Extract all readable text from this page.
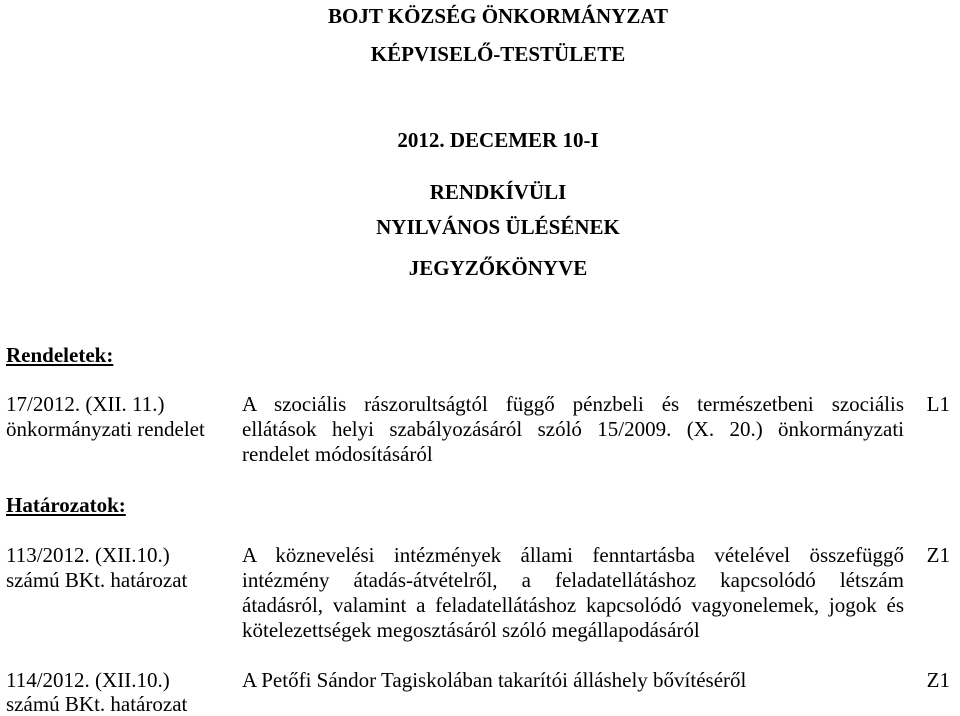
BOJT KÖZSÉG ÖNKORMÁNYZAT
KÉPVISELŐ-TESTÜLETE
2012. DECEMER 10-I
RENDKÍVÜLI
NYILVÁNOS ÜLÉSÉNEK
JEGYZŐKÖNYVE
Rendeletek:
17/2012. (XII. 11.)
önkormányzati rendelet
A szociális rászorultságtól függő pénzbeli és természetbeni szociális
ellátások helyi szabályozásáról szóló 15/2009. (X. 20.) önkormányzati
rendelet módosításáról
L1
Határozatok:
113/2012. (XII.10.)
számú BKt. határozat
A köznevelési intézmények állami fenntartásba vételével összefüggő
intézmény átadás-átvételről, a feladatellátáshoz kapcsolódó létszám
átadásról, valamint a feladatellátáshoz kapcsolódó vagyonelemek, jogok és
kötelezettségek megosztásáról szóló megállapodásáról
Z1
114/2012. (XII.10.)
számú BKt. határozat
A Petőfi Sándor Tagiskolában takarítói álláshely bővítéséről	Z1
